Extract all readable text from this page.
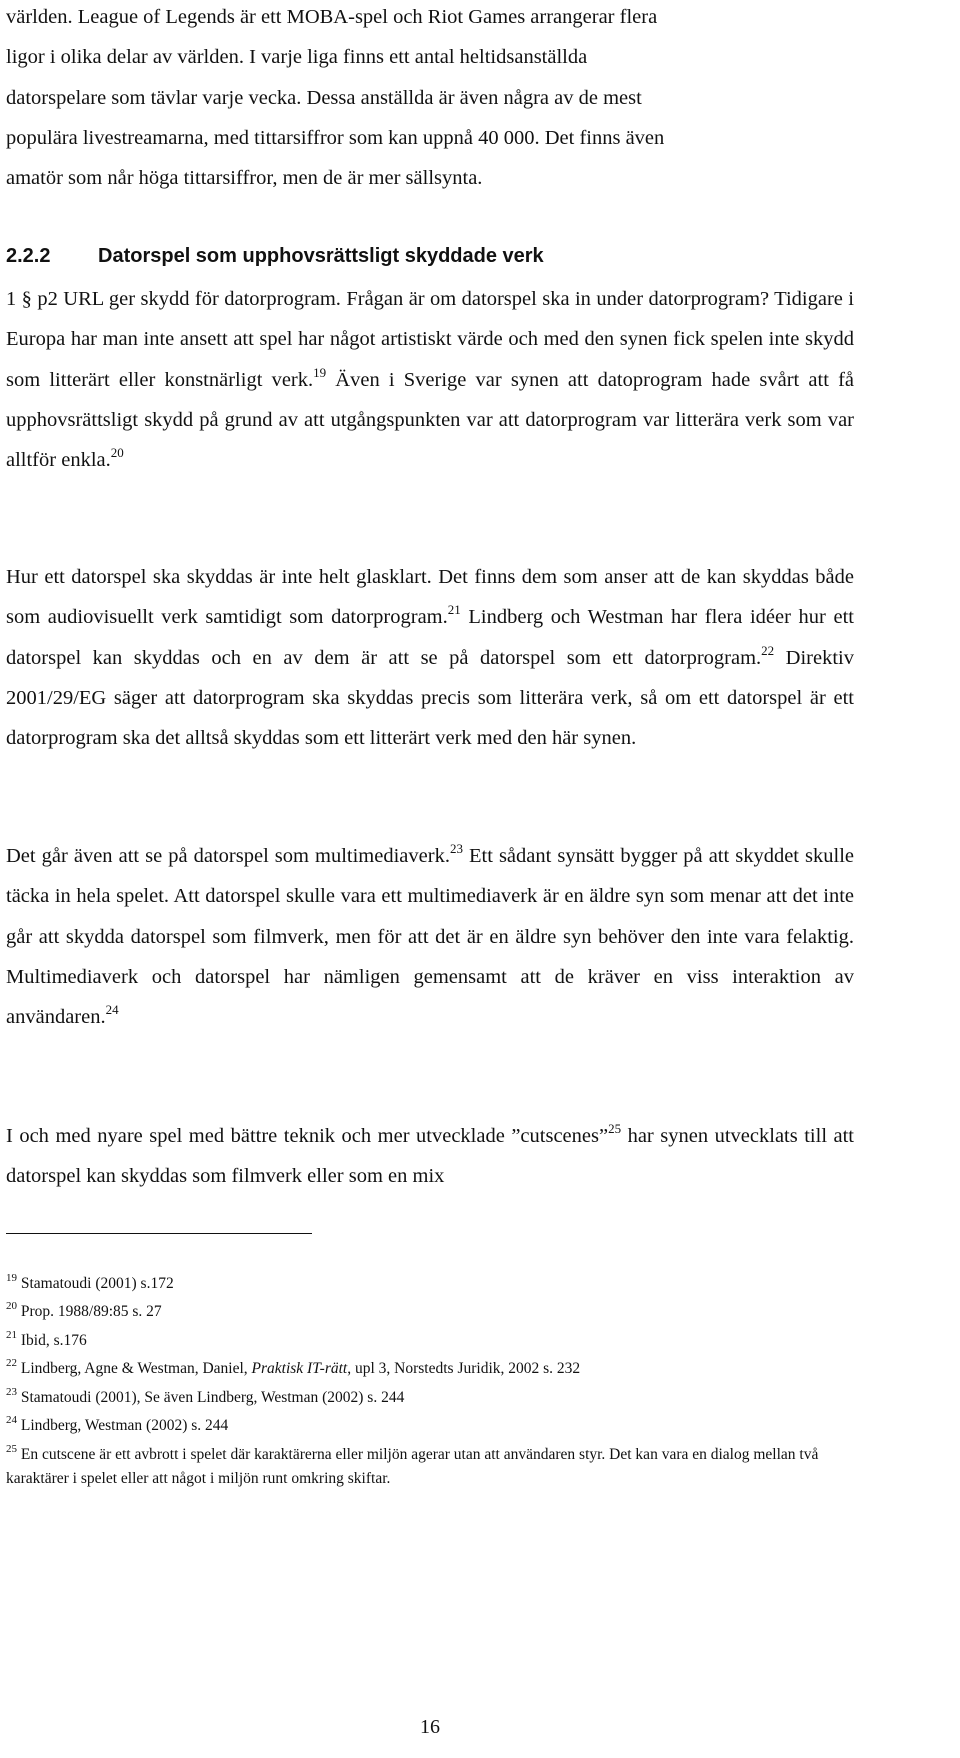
världen. League of Legends är ett MOBA-spel och Riot Games arrangerar flera
ligor i olika delar av världen. I varje liga finns ett antal heltidsanställda
datorspelare som tävlar varje vecka. Dessa anställda är även några av de mest
populära livestreamarna, med tittarsiffror som kan uppnå 40 000. Det finns även
amatör som når höga tittarsiffror, men de är mer sällsynta.
2.2.2 Datorspel som upphovsrättsligt skyddade verk
1 § p2 URL ger skydd för datorprogram. Frågan är om datorspel ska in under datorprogram? Tidigare i Europa har man inte ansett att spel har något artistiskt värde och med den synen fick spelen inte skydd som litterärt eller konstnärligt verk.$^{19}$ Även i Sverige var synen att datoprogram hade svårt att få upphovsrättsligt skydd på grund av att utgångspunkten var att datorprogram var litterära verk som var alltför enkla.$^{20}$
Hur ett datorspel ska skyddas är inte helt glasklart. Det finns dem som anser att de kan skyddas både som audiovisuellt verk samtidigt som datorprogram.$^{21}$ Lindberg och Westman har flera idéer hur ett datorspel kan skyddas och en av dem är att se på datorspel som ett datorprogram.$^{22}$ Direktiv 2001/29/EG säger att datorprogram ska skyddas precis som litterära verk, så om ett datorspel är ett datorprogram ska det alltså skyddas som ett litterärt verk med den här synen.
Det går även att se på datorspel som multimediaverk.$^{23}$ Ett sådant synsätt bygger på att skyddet skulle täcka in hela spelet. Att datorspel skulle vara ett multimediaverk är en äldre syn som menar att det inte går att skydda datorspel som filmverk, men för att det är en äldre syn behöver den inte vara felaktig. Multimediaverk och datorspel har nämligen gemensamt att de kräver en viss interaktion av användaren.$^{24}$
I och med nyare spel med bättre teknik och mer utvecklade ”cutscenes”$^{25}$ har synen utvecklats till att datorspel kan skyddas som filmverk eller som en mix

$^{19}$ Stamatoudi (2001) s.172

$^{20}$ Prop. 1988/89:85 s. 27

$^{21}$ Ibid, s.176

$^{22}$ Lindberg, Agne & Westman, Daniel, Praktisk IT-rätt, upl 3, Norstedts Juridik, 2002 s. 232

$^{23}$ Stamatoudi (2001), Se även Lindberg, Westman (2002) s. 244

$^{24}$ Lindberg, Westman (2002) s. 244

$^{25}$ En cutscene är ett avbrott i spelet där karaktärerna eller miljön agerar utan att användaren styr. Det kan vara en dialog mellan två karaktärer i spelet eller att något i miljön runt omkring skiftar.

16
